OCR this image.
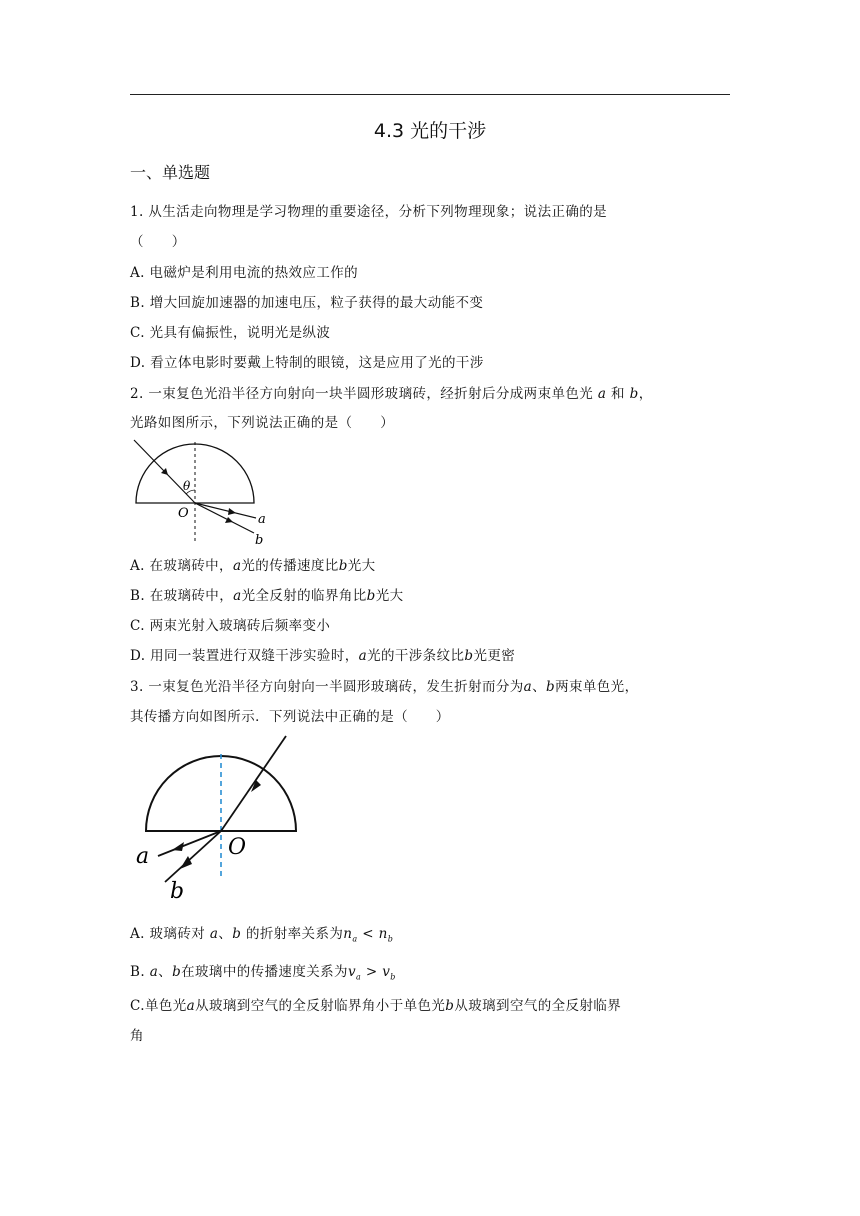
4.3 光的干涉
一、单选题
1. 从生活走向物理是学习物理的重要途径，分析下列物理现象；说法正确的是
（　　）
A. 电磁炉是利用电流的热效应工作的
B. 增大回旋加速器的加速电压，粒子获得的最大动能不变
C. 光具有偏振性，说明光是纵波
D. 看立体电影时要戴上特制的眼镜，这是应用了光的干涉
2. 一束复色光沿半径方向射向一块半圆形玻璃砖，经折射后分成两束单色光 a 和 b，
光路如图所示，下列说法正确的是（　　）
θ
O	a
b
A. 在玻璃砖中，a光的传播速度比b光大
B. 在玻璃砖中，a光全反射的临界角比b光大
C. 两束光射入玻璃砖后频率变小
D. 用同一装置进行双缝干涉实验时，a光的干涉条纹比b光更密
3. 一束复色光沿半径方向射向一半圆形玻璃砖，发生折射而分为a、b两束单色光，
其传播方向如图所示．下列说法中正确的是（　　）
a	O
b
A. 玻璃砖对 a、b 的折射率关系为$n_a < n_b$
B. a、b在玻璃中的传播速度关系为$v_a > v_b$
C.单色光a从玻璃到空气的全反射临界角小于单色光b从玻璃到空气的全反射临界
角
